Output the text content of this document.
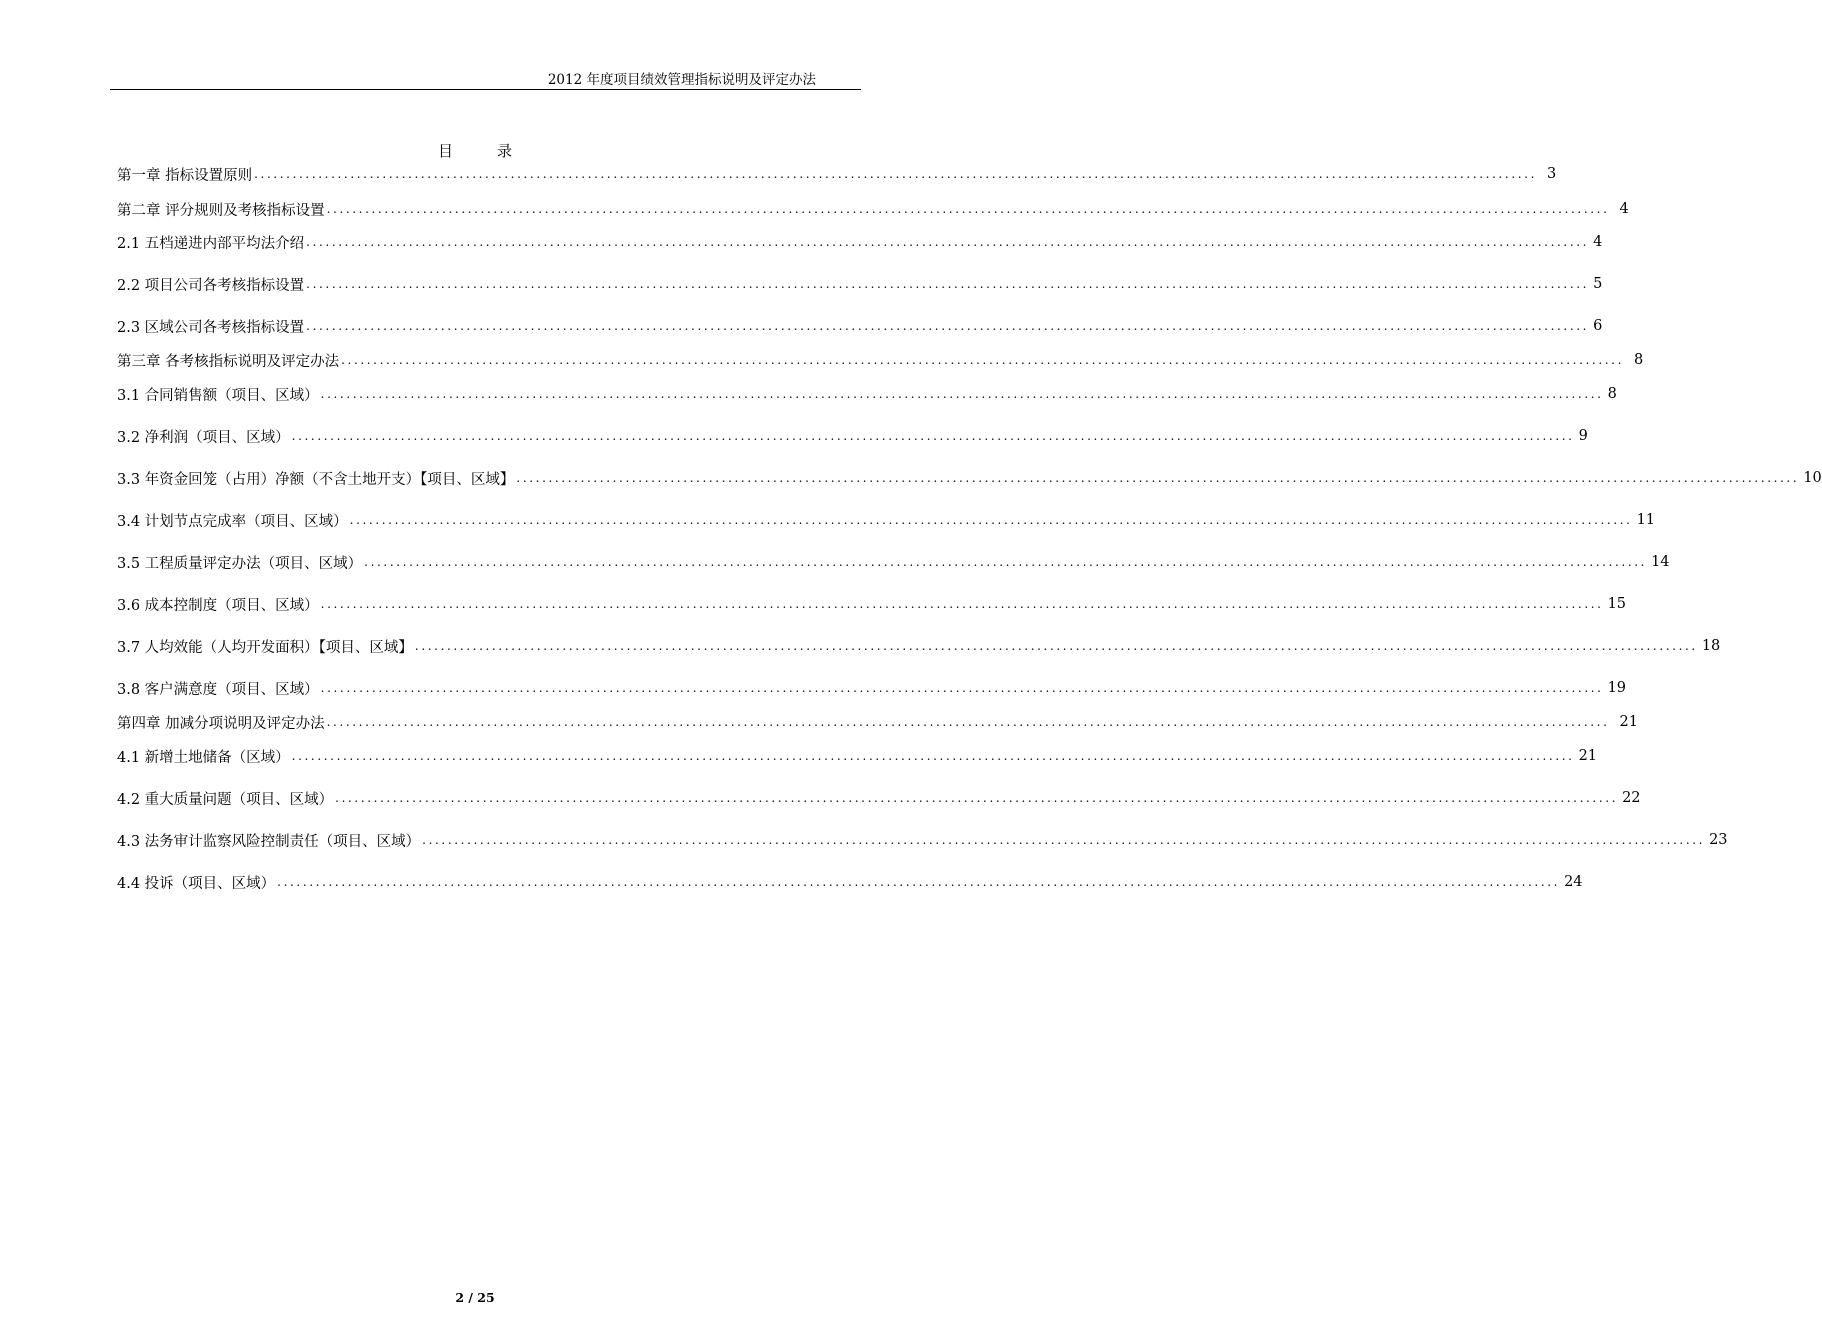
2012 年度项目绩效管理指标说明及评定办法
目	录
第一章 指标设置原则 ........................................................................................................................................................................................................ 3
第二章 评分规则及考核指标设置 ........................................................................................................................................................................................................ 4
2.1 五档递进内部平均法介绍 ........................................................................................................................................................................................................ 4
2.2 项目公司各考核指标设置 ........................................................................................................................................................................................................ 5
2.3 区域公司各考核指标设置 ........................................................................................................................................................................................................ 6
第三章 各考核指标说明及评定办法 ........................................................................................................................................................................................................ 8
3.1 合同销售额（项目、区域） ........................................................................................................................................................................................................ 8
3.2 净利润（项目、区域） ........................................................................................................................................................................................................ 9
3.3 年资金回笼（占用）净额（不含土地开支）【项目、区域】 ........................................................................................................................................................................................................ 10
3.4 计划节点完成率（项目、区域） ........................................................................................................................................................................................................ 11
3.5 工程质量评定办法（项目、区域） ........................................................................................................................................................................................................ 14
3.6 成本控制度（项目、区域） ........................................................................................................................................................................................................ 15
3.7 人均效能（人均开发面积）【项目、区域】 ........................................................................................................................................................................................................ 18
3.8 客户满意度（项目、区域） ........................................................................................................................................................................................................ 19
第四章 加减分项说明及评定办法 ........................................................................................................................................................................................................ 21
4.1 新增土地储备（区域） ........................................................................................................................................................................................................ 21
4.2 重大质量问题（项目、区域） ........................................................................................................................................................................................................ 22
4.3 法务审计监察风险控制责任（项目、区域） ........................................................................................................................................................................................................ 23
4.4 投诉（项目、区域） ........................................................................................................................................................................................................ 24
2 / 25
